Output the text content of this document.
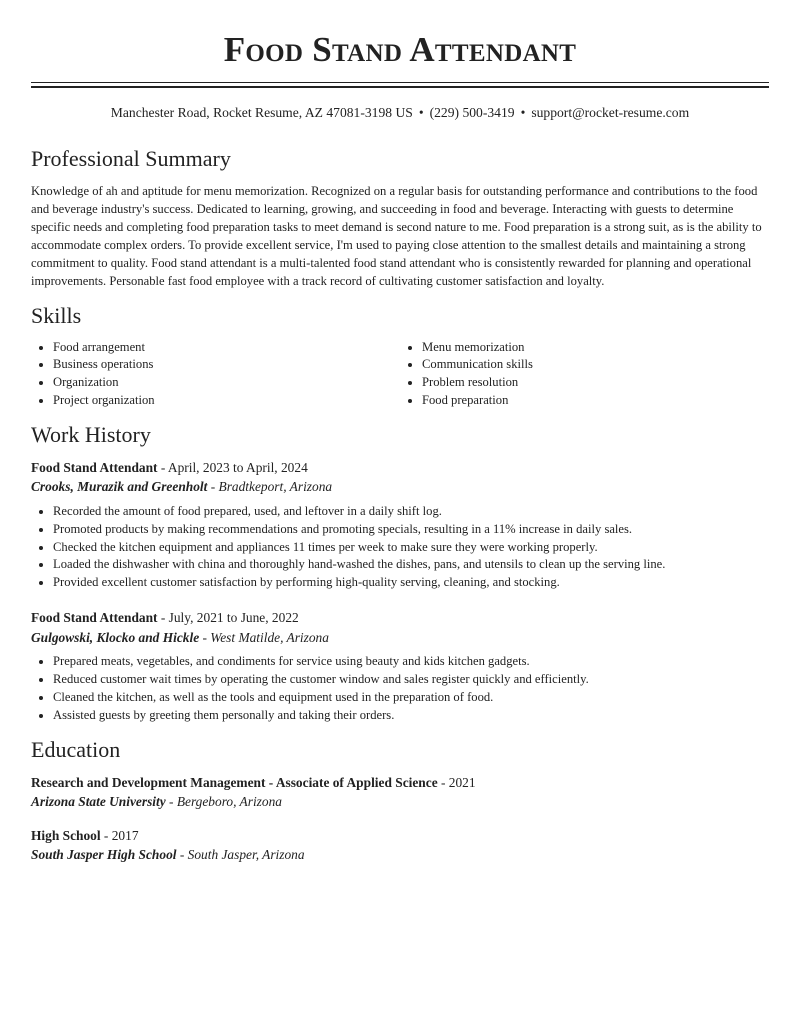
Food Stand Attendant
Manchester Road, Rocket Resume, AZ 47081-3198 US • (229) 500-3419 • support@rocket-resume.com
Professional Summary

Knowledge of ah and aptitude for menu memorization. Recognized on a regular basis for outstanding performance and contributions to the food and beverage industry's success. Dedicated to learning, growing, and succeeding in food and beverage. Interacting with guests to determine specific needs and completing food preparation tasks to meet demand is second nature to me. Food preparation is a strong suit, as is the ability to accommodate complex orders. To provide excellent service, I'm used to paying close attention to the smallest details and maintaining a strong commitment to quality. Food stand attendant is a multi-talented food stand attendant who is consistently rewarded for planning and operational improvements. Personable fast food employee with a track record of cultivating customer satisfaction and loyalty.

Skills
• Food arrangement
• Business operations
• Organization
• Project organization
• Menu memorization
• Communication skills
• Problem resolution
• Food preparation
Work History
Food Stand Attendant - April, 2023 to April, 2024
Crooks, Murazik and Greenholt - Bradtkeport, Arizona
• Recorded the amount of food prepared, used, and leftover in a daily shift log.
• Promoted products by making recommendations and promoting specials, resulting in a 11% increase in daily sales.
• Checked the kitchen equipment and appliances 11 times per week to make sure they were working properly.
• Loaded the dishwasher with china and thoroughly hand-washed the dishes, pans, and utensils to clean up the serving line.
• Provided excellent customer satisfaction by performing high-quality serving, cleaning, and stocking.
Food Stand Attendant - July, 2021 to June, 2022
Gulgowski, Klocko and Hickle - West Matilde, Arizona
• Prepared meats, vegetables, and condiments for service using beauty and kids kitchen gadgets.
• Reduced customer wait times by operating the customer window and sales register quickly and efficiently.
• Cleaned the kitchen, as well as the tools and equipment used in the preparation of food.
• Assisted guests by greeting them personally and taking their orders.
Education
Research and Development Management - Associate of Applied Science - 2021
Arizona State University - Bergeboro, Arizona
High School - 2017
South Jasper High School - South Jasper, Arizona
